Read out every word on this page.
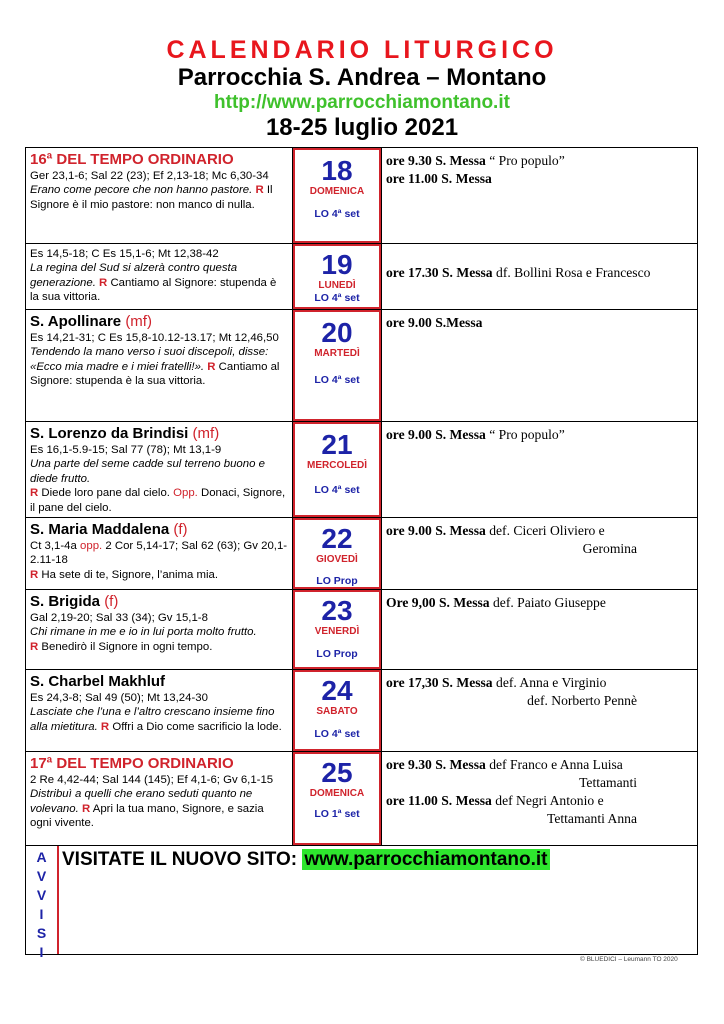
CALENDARIO LITURGICO
Parrocchia S. Andrea – Montano
http://www.parrocchiamontano.it
18-25 luglio 2021
16ª DEL TEMPO ORDINARIO
Ger 23,1-6; Sal 22 (23); Ef 2,13-18; Mc 6,30-34
Erano come pecore che non hanno pastore. R Il Signore è il mio pastore: non manco di nulla.
18
DOMENICA
LO 4ª set
ore 9.30 S. Messa “ Pro populo”
ore 11.00 S. Messa
Es 14,5-18; C Es 15,1-6; Mt 12,38-42
La regina del Sud si alzerà contro questa generazione. R Cantiamo al Signore: stupenda è la sua vittoria.
19
LUNEDÌ
LO 4ª set
ore 17.30 S. Messa df. Bollini Rosa e Francesco
S. Apollinare (mf)
Es 14,21-31; C Es 15,8-10.12-13.17; Mt 12,46,50
Tendendo la mano verso i suoi discepoli, disse: «Ecco mia madre e i miei fratelli!». R Cantiamo al Signore: stupenda è la sua vittoria.
20
MARTEDÌ
LO 4ª set
ore 9.00 S.Messa
S. Lorenzo da Brindisi (mf)
Es 16,1-5.9-15; Sal 77 (78); Mt 13,1-9
Una parte del seme cadde sul terreno buono e diede frutto.
R Diede loro pane dal cielo. Opp. Donaci, Signore, il pane del cielo.
21
MERCOLEDÌ
LO 4ª set
ore 9.00 S. Messa “ Pro populo”
S. Maria Maddalena (f)
Ct 3,1-4a opp. 2 Cor 5,14-17; Sal 62 (63); Gv 20,1-2.11-18
R Ha sete di te, Signore, l’anima mia.
22
GIOVEDÌ
LO Prop
ore 9.00 S. Messa def. Ciceri Oliviero e
Geromina
S. Brigida (f)
Gal 2,19-20; Sal 33 (34); Gv 15,1-8
Chi rimane in me e io in lui porta molto frutto.
R Benedirò il Signore in ogni tempo.
23
VENERDÌ
LO Prop
Ore 9,00 S. Messa def. Paiato Giuseppe
S. Charbel Makhluf
Es 24,3-8; Sal 49 (50); Mt 13,24-30
Lasciate che l’una e l’altro crescano insieme fino alla mietitura. R Offri a Dio come sacrificio la lode.
24
SABATO
LO 4ª set
ore 17,30 S. Messa def. Anna e Virginio
def. Norberto Pennè
17ª DEL TEMPO ORDINARIO
2 Re 4,42-44; Sal 144 (145); Ef 4,1-6; Gv 6,1-15
Distribuì a quelli che erano seduti quanto ne volevano. R Apri la tua mano, Signore, e sazia ogni vivente.
25
DOMENICA
LO 1ª set
ore 9.30 S. Messa def Franco e Anna Luisa
Tettamanti
ore 11.00 S. Messa def Negri Antonio e
Tettamanti Anna
A
V
V
I
S
I
VISITATE IL NUOVO SITO: www.parrocchiamontano.it
© BLUEDICI – Leumann TO 2020
